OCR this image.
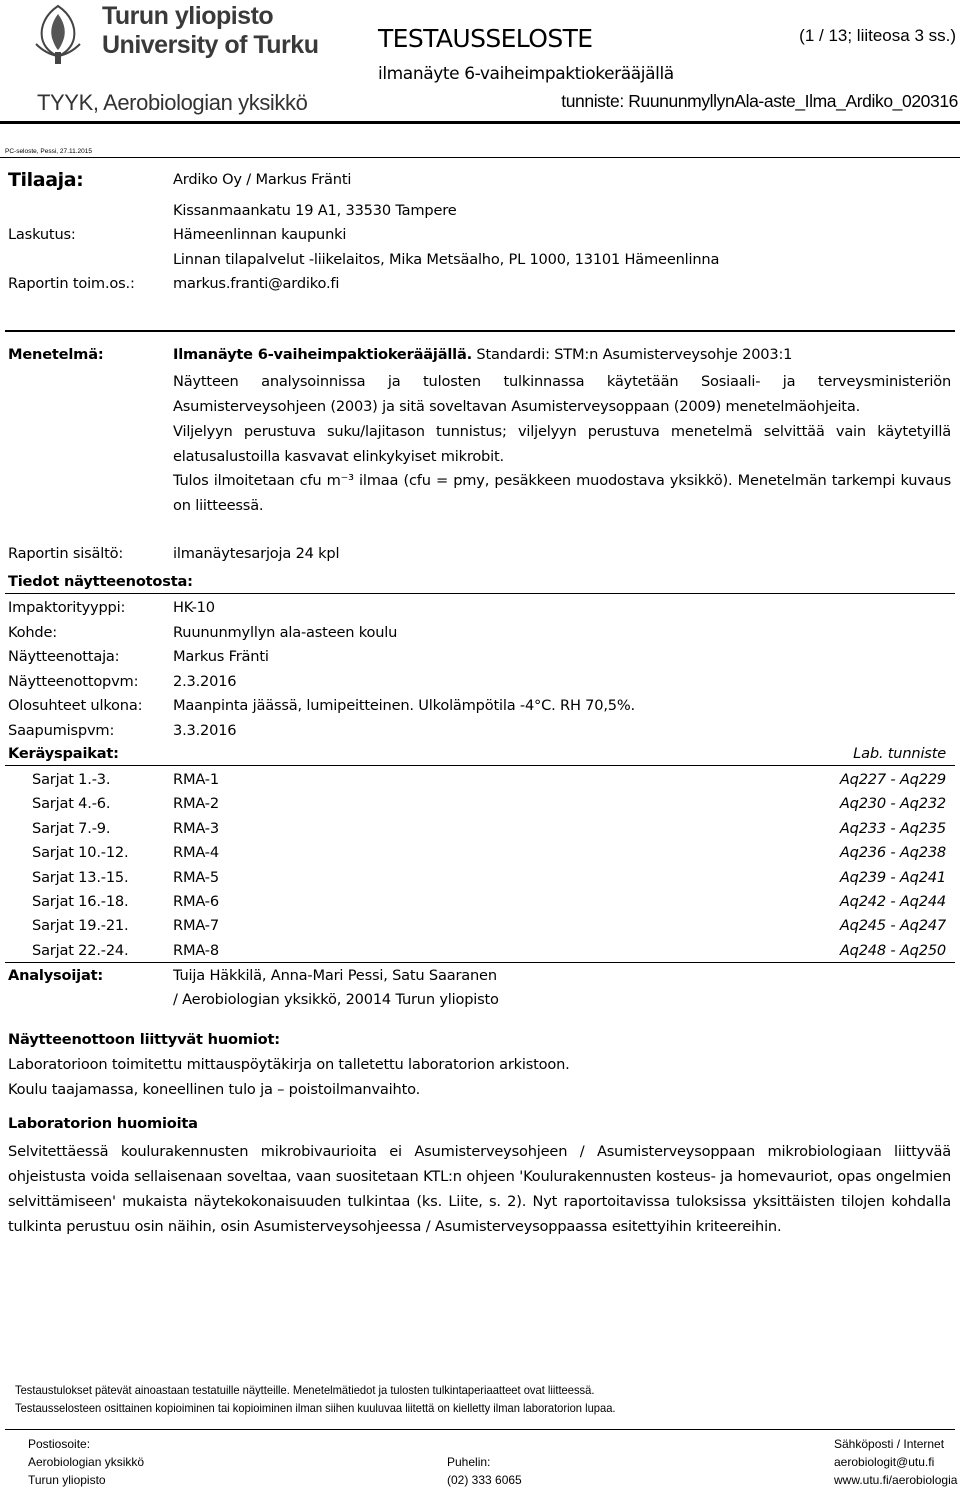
Turun yliopisto
University of Turku
TYYK, Aerobiologian yksikkö
TESTAUSSELOSTE	(1 / 13; liiteosa 3 ss.)
ilmanäyte 6-vaiheimpaktiokerääjällä
tunniste: RuununmyllynAla-aste_Ilma_Ardiko_020316
PC-seloste, Pessi, 27.11.2015
Tilaaja:	Ardiko Oy / Markus Fränti
Kissanmaankatu 19 A1, 33530 Tampere
Laskutus:	Hämeenlinnan kaupunki
Linnan tilapalvelut -liikelaitos, Mika Metsäalho, PL 1000, 13101 Hämeenlinna
Raportin toim.os.:	markus.franti@ardiko.fi
Menetelmä:	Ilmanäyte 6-vaiheimpaktiokerääjällä. Standardi: STM:n Asumisterveysohje 2003:1
Näytteen analysoinnissa ja tulosten tulkinnassa käytetään Sosiaali- ja terveysministeriön Asumisterveysohjeen (2003) ja sitä soveltavan Asumisterveysoppaan (2009) menetelmäohjeita.
Viljelyyn perustuva suku/lajitason tunnistus; viljelyyn perustuva menetelmä selvittää vain käytetyillä elatusalustoilla kasvavat elinkykyiset mikrobit.
Tulos ilmoitetaan cfu m⁻³ ilmaa (cfu = pmy, pesäkkeen muodostava yksikkö). Menetelmän tarkempi kuvaus on liitteessä.
Raportin sisältö:	ilmanäytesarjoja 24 kpl
Tiedot näytteenotosta:
Impaktorityyppi:	HK-10
Kohde:	Ruununmyllyn ala-asteen koulu
Näytteenottaja:	Markus Fränti
Näytteenottopvm: 2.3.2016
Olosuhteet ulkona: Maanpinta jäässä, lumipeitteinen. Ulkolämpötila -4°C. RH 70,5%.
Saapumispvm:	3.3.2016
Keräyspaikat:	Lab. tunniste
Sarjat 1.-3.	RMA-1	Aq227 - Aq229
Sarjat 4.-6.	RMA-2	Aq230 - Aq232
Sarjat 7.-9.	RMA-3	Aq233 - Aq235
Sarjat 10.-12.	RMA-4	Aq236 - Aq238
Sarjat 13.-15.	RMA-5	Aq239 - Aq241
Sarjat 16.-18.	RMA-6	Aq242 - Aq244
Sarjat 19.-21.	RMA-7	Aq245 - Aq247
Sarjat 22.-24.	RMA-8	Aq248 - Aq250
Analysoijat:	Tuija Häkkilä, Anna-Mari Pessi, Satu Saaranen
/ Aerobiologian yksikkö, 20014 Turun yliopisto
Näytteenottoon liittyvät huomiot:
Laboratorioon toimitettu mittauspöytäkirja on talletettu laboratorion arkistoon.
Koulu taajamassa, koneellinen tulo ja – poistoilmanvaihto.
Laboratorion huomioita
Selvitettäessä koulurakennusten mikrobivaurioita ei Asumisterveysohjeen / Asumisterveysoppaan mikrobiologiaan liittyvää ohjeistusta voida sellaisenaan soveltaa, vaan suositetaan KTL:n ohjeen 'Koulurakennusten kosteus- ja homevauriot, opas ongelmien selvittämiseen' mukaista näytekokonaisuuden tulkintaa (ks. Liite, s. 2). Nyt raportoitavissa tuloksissa yksittäisten tilojen kohdalla tulkinta perustuu osin näihin, osin Asumisterveysohjeessa / Asumisterveysoppaassa esitettyihin kriteereihin.
Testaustulokset pätevät ainoastaan testatuille näytteille. Menetelmätiedot ja tulosten tulkintaperiaatteet ovat liitteessä.
Testausselosteen osittainen kopioiminen tai kopioiminen ilman siihen kuuluvaa liitettä on kielletty ilman laboratorion lupaa.
Postiosoite:
Aerobiologian yksikkö
Turun yliopisto
Puhelin:
(02) 333 6065
Sähköposti / Internet
aerobiologit@utu.fi
www.utu.fi/aerobiologia
